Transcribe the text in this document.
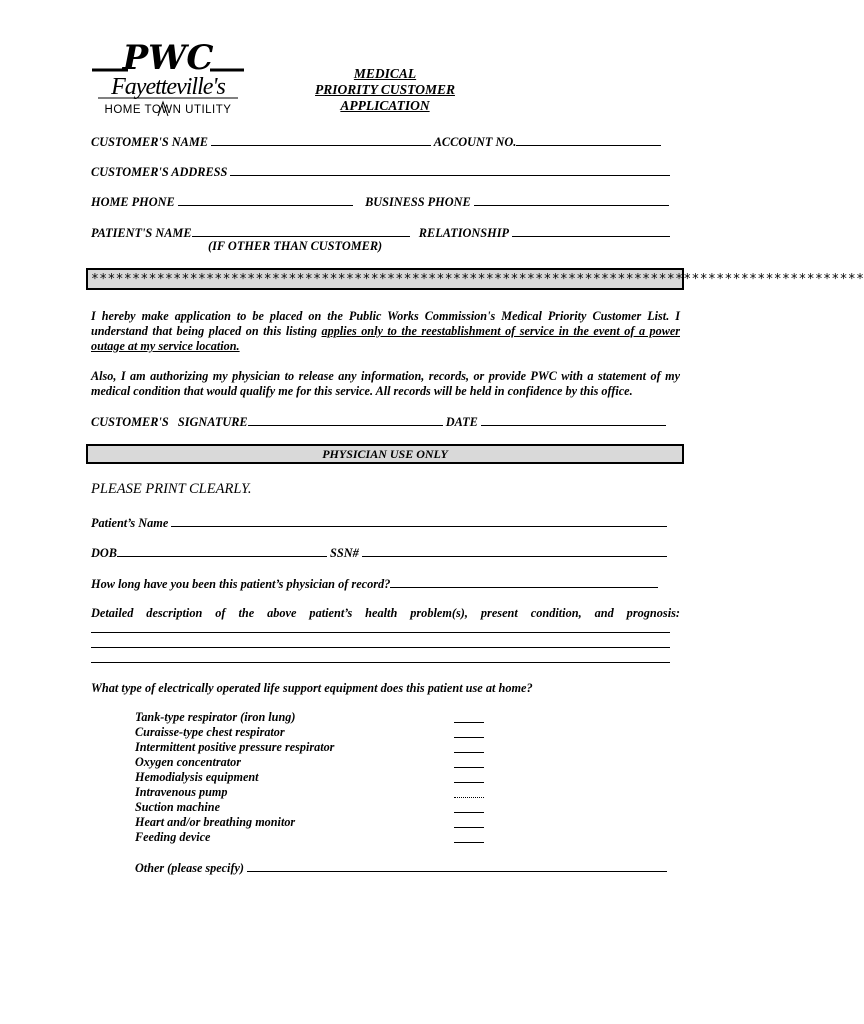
PWC
Fayetteville's
HOME TOWN UTILITY
MEDICAL
PRIORITY CUSTOMER
APPLICATION
CUSTOMER'S NAME	ACCOUNT NO.
CUSTOMER'S ADDRESS
HOME PHONE	BUSINESS PHONE
PATIENT'S NAME	RELATIONSHIP
(IF OTHER THAN CUSTOMER)
**********************************************************************************************
I hereby make application to be placed on the Public Works Commission's Medical Priority Customer List. I understand that being placed on this listing applies only to the reestablishment of service in the event of a power outage at my service location.
Also, I am authorizing my physician to release any information, records, or provide PWC with a statement of my medical condition that would qualify me for this service. All records will be held in confidence by this office.
CUSTOMER'S   SIGNATURE	DATE
PHYSICIAN USE ONLY
PLEASE PRINT CLEARLY.
Patient’s Name
DOB	SSN#
How long have you been this patient’s physician of record?
Detailed description of the above patient’s health problem(s), present condition, and prognosis:
What type of electrically operated life support equipment does this patient use at home?
Tank-type respirator (iron lung)
Curaisse-type chest respirator
Intermittent positive pressure respirator
Oxygen concentrator
Hemodialysis equipment
Intravenous pump
Suction machine
Heart and/or breathing monitor
Feeding device
Other (please specify)
